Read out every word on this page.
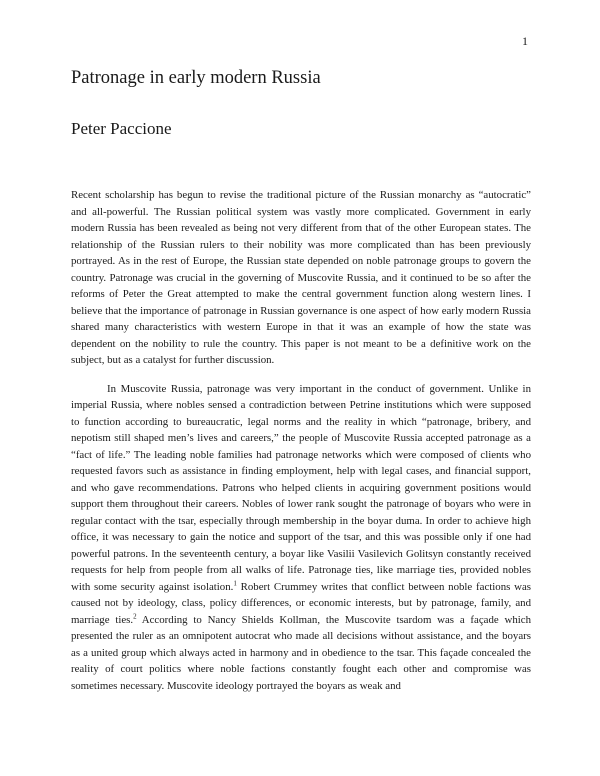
1
Patronage in early modern Russia
Peter Paccione

Recent scholarship has begun to revise the traditional picture of the Russian monarchy as “autocratic” and all-powerful. The Russian political system was vastly more complicated. Government in early modern Russia has been revealed as being not very different from that of the other European states. The relationship of the Russian rulers to their nobility was more complicated than has been previously portrayed. As in the rest of Europe, the Russian state depended on noble patronage groups to govern the country. Patronage was crucial in the governing of Muscovite Russia, and it continued to be so after the reforms of Peter the Great attempted to make the central government function along western lines. I believe that the importance of patronage in Russian governance is one aspect of how early modern Russia shared many characteristics with western Europe in that it was an example of how the state was dependent on the nobility to rule the country. This paper is not meant to be a definitive work on the subject, but as a catalyst for further discussion.

In Muscovite Russia, patronage was very important in the conduct of government. Unlike in imperial Russia, where nobles sensed a contradiction between Petrine institutions which were supposed to function according to bureaucratic, legal norms and the reality in which “patronage, bribery, and nepotism still shaped men’s lives and careers,” the people of Muscovite Russia accepted patronage as a “fact of life.” The leading noble families had patronage networks which were composed of clients who requested favors such as assistance in finding employment, help with legal cases, and financial support, and who gave recommendations. Patrons who helped clients in acquiring government positions would support them throughout their careers. Nobles of lower rank sought the patronage of boyars who were in regular contact with the tsar, especially through membership in the boyar duma. In order to achieve high office, it was necessary to gain the notice and support of the tsar, and this was possible only if one had powerful patrons. In the seventeenth century, a boyar like Vasilii Vasilevich Golitsyn constantly received requests for help from people from all walks of life. Patronage ties, like marriage ties, provided nobles with some security against isolation.$^1$ Robert Crummey writes that conflict between noble factions was caused not by ideology, class, policy differences, or economic interests, but by patronage, family, and marriage ties.$^2$ According to Nancy Shields Kollman, the Muscovite tsardom was a façade which presented the ruler as an omnipotent autocrat who made all decisions without assistance, and the boyars as a united group which always acted in harmony and in obedience to the tsar. This façade concealed the reality of court politics where noble factions constantly fought each other and compromise was sometimes necessary. Muscovite ideology portrayed the boyars as weak and
